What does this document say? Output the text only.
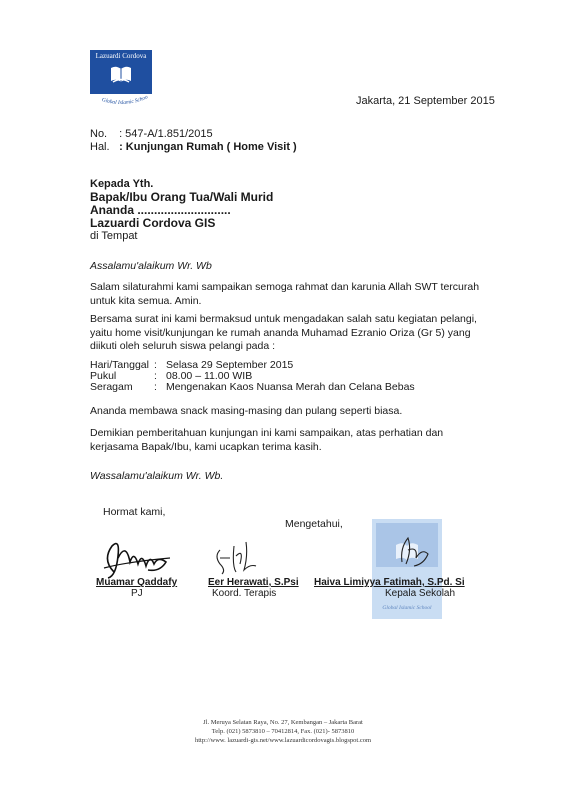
Lazuardi Cordova
Global Islamic Schoo	Jakarta, 21 September 2015
No. : 547-A/1.851/2015
Hal. : Kunjungan Rumah ( Home Visit )
Kepada Yth.
Bapak/Ibu Orang Tua/Wali Murid
Ananda ............................
Lazuardi Cordova GIS
di Tempat

Assalamu'alaikum Wr. Wb

Salam silaturahmi kami sampaikan semoga rahmat dan karunia Allah SWT tercurah untuk kita semua. Amin.

Bersama surat ini kami bermaksud untuk mengadakan salah satu kegiatan pelangi, yaitu home visit/kunjungan ke rumah ananda Muhamad Ezranio Oriza (Gr 5) yang diikuti oleh seluruh siswa pelangi pada :

Hari/Tanggal : Selasa 29 September 2015
Pukul	: 08.00 – 11.00 WIB
Seragam : Mengenakan Kaos Nuansa Merah dan Celana Bebas

Ananda membawa snack masing-masing dan pulang seperti biasa.

Demikian pemberitahuan kunjungan ini kami sampaikan, atas perhatian dan kerjasama Bapak/Ibu, kami ucapkan terima kasih.

Wassalamu'alaikum Wr. Wb.

Hormat kami,
Mengetahui,
Muamar Qaddafy
PJ
Eer Herawati, S.Psi
Koord. Terapis
Global Islamic School
Haiva Limiyya Fatimah, S.Pd. Si
Kepala Sekolah
Jl. Meruya Selatan Raya, No. 27, Kembangan – Jakarta Barat
Telp. (021) 5873810 – 70412814, Fax. (021)- 5873810
http://www. lazuardi-gis.net/www.lazuardicordovagis.blogspot.com
